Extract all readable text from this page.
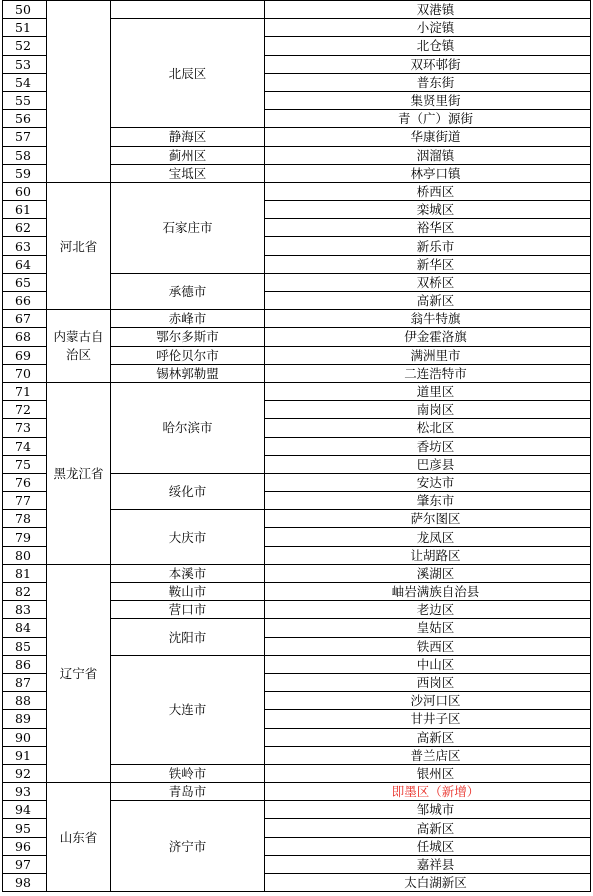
50			双港镇
51		北辰区	小淀镇
52			北仓镇
53			双环邨街
54			普东街
55			集贤里街
56			青（广）源街
57		静海区	华康街道
58		蓟州区	洇溜镇
59		宝坻区	林亭口镇
60	河北省	石家庄市	桥西区
61			栾城区
62			裕华区
63			新乐市
64			新华区
65		承德市	双桥区
66			高新区
67	内蒙古自治区	赤峰市	翁牛特旗
68		鄂尔多斯市	伊金霍洛旗
69		呼伦贝尔市	满洲里市
70		锡林郭勒盟	二连浩特市
71	黑龙江省	哈尔滨市	道里区
72			南岗区
73			松北区
74			香坊区
75			巴彦县
76		绥化市	安达市
77			肇东市
78		大庆市	萨尔图区
79			龙凤区
80			让胡路区
81	辽宁省	本溪市	溪湖区
82		鞍山市	岫岩满族自治县
83		营口市	老边区
84		沈阳市	皇姑区
85			铁西区
86		大连市	中山区
87			西岗区
88			沙河口区
89			甘井子区
90			高新区
91			普兰店区
92		铁岭市	银州区
93	山东省	青岛市	即墨区（新增）
94		济宁市	邹城市
95			高新区
96			任城区
97			嘉祥县
98			太白湖新区
